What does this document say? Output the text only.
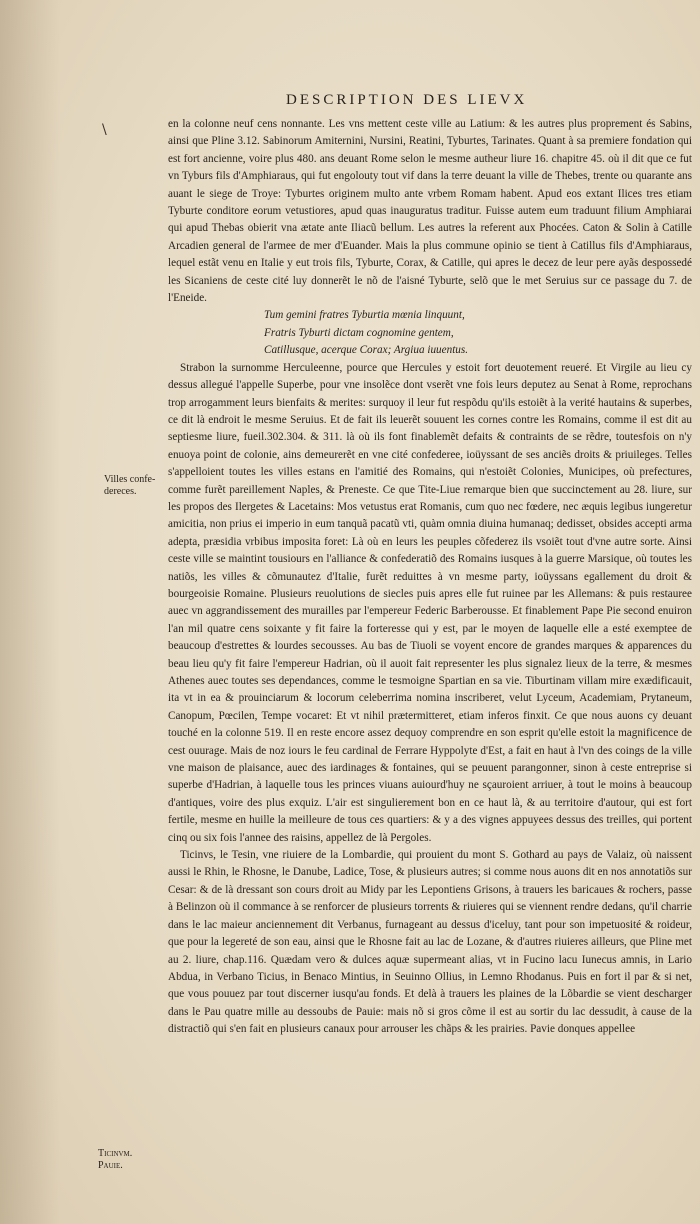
DESCRIPTION DES LIEVX
\
Villes confe-
dereces.
Ticinvm.
Pauie.

en la colonne neuf cens nonnante. Les vns mettent ceste ville au Latium: & les autres plus proprement és Sabins, ainsi que Pline 3.12. Sabinorum Amiternini, Nursini, Reatini, Tyburtes, Tarinates. Quant à sa premiere fondation qui est fort ancienne, voire plus 480. ans deuant Rome selon le mesme autheur liure 16. chapitre 45. où il dit que ce fut vn Tyburs fils d'Amphiaraus, qui fut engolouty tout vif dans la terre deuant la ville de Thebes, trente ou quarante ans auant le siege de Troye: Tyburtes originem multo ante vrbem Romam habent. Apud eos extant Ilices tres etiam Tyburte conditore eorum vetustiores, apud quas inauguratus traditur. Fuisse autem eum traduunt filium Amphiarai qui apud Thebas obierit vna ætate ante Iliacũ bellum. Les autres la referent aux Phocées. Caton & Solin à Catille Arcadien general de l'armee de mer d'Euander. Mais la plus commune opinio se tient à Catillus fils d'Amphiaraus, lequel estãt venu en Italie y eut trois fils, Tyburte, Corax, & Catille, qui apres le decez de leur pere ayãs despossedé les Sicaniens de ceste cité luy donnerẽt le nõ de l'aisné Tyburte, selõ que le met Seruius sur ce passage du 7. de l'Eneide.

Tum gemini fratres Tyburtia mœnia linquunt,
Fratris Tyburti dictam cognomine gentem,
Catillusque, acerque Corax; Argiua iuuentus.

Strabon la surnomme Herculeenne, pource que Hercules y estoit fort deuotement reueré. Et Virgile au lieu cy dessus allegué l'appelle Superbe, pour vne insolẽce dont vserẽt vne fois leurs deputez au Senat à Rome, reprochans trop arrogamment leurs bienfaits & merites: surquoy il leur fut respõdu qu'ils estoiẽt à la verité hautains & superbes, ce dit là endroit le mesme Seruius. Et de fait ils leuerẽt souuent les cornes contre les Romains, comme il est dit au septiesme liure, fueil.302.304. & 311. là où ils font finablemẽt defaits & contraints de se rẽdre, toutesfois on n'y enuoya point de colonie, ains demeurerẽt en vne cité confederee, ioüyssant de ses anciẽs droits & priuileges. Telles s'appelloient toutes les villes estans en l'amitié des Romains, qui n'estoiẽt Colonies, Municipes, où prefectures, comme furẽt pareillement Naples, & Preneste. Ce que Tite-Liue remarque bien que succinctement au 28. liure, sur les propos des Ilergetes & Lacetains: Mos vetustus erat Romanis, cum quo nec fœdere, nec æquis legibus iungeretur amicitia, non prius ei imperio in eum tanquã pacatũ vti, quàm omnia diuina humanaq; dedisset, obsides accepti arma adepta, præsidia vrbibus imposita foret: Là où en leurs les peuples cõfederez ils vsoiẽt tout d'vne autre sorte. Ainsi ceste ville se maintint tousiours en l'alliance & confederatiõ des Romains iusques à la guerre Marsique, où toutes les natiõs, les villes & cõmunautez d'Italie, furẽt reduittes à vn mesme party, ioüyssans egallement du droit & bourgeoisie Romaine. Plusieurs reuolutions de siecles puis apres elle fut ruinee par les Allemans: & puis restauree auec vn aggrandissement des murailles par l'empereur Federic Barberousse. Et finablement Pape Pie second enuiron l'an mil quatre cens soixante y fit faire la forteresse qui y est, par le moyen de laquelle elle a esté exemptee de beaucoup d'estrettes & lourdes secousses. Au bas de Tiuoli se voyent encore de grandes marques & apparences du beau lieu qu'y fit faire l'empereur Hadrian, où il auoit fait representer les plus signalez lieux de la terre, & mesmes Athenes auec toutes ses dependances, comme le tesmoigne Spartian en sa vie. Tiburtinam villam mire exædificauit, ita vt in ea & prouinciarum & locorum celeberrima nomina inscriberet, velut Lyceum, Academiam, Prytaneum, Canopum, Pœcilen, Tempe vocaret: Et vt nihil prætermitteret, etiam inferos finxit. Ce que nous auons cy deuant touché en la colonne 519. Il en reste encore assez dequoy comprendre en son esprit qu'elle estoit la magnificence de cest ouurage. Mais de noz iours le feu cardinal de Ferrare Hyppolyte d'Est, a fait en haut à l'vn des coings de la ville vne maison de plaisance, auec des iardinages & fontaines, qui se peuuent parangonner, sinon à ceste entreprise si superbe d'Hadrian, à laquelle tous les princes viuans auiourd'huy ne sçauroient arriuer, à tout le moins à beaucoup d'antiques, voire des plus exquiz. L'air est singulierement bon en ce haut là, & au territoire d'autour, qui est fort fertile, mesme en huille la meilleure de tous ces quartiers: & y a des vignes appuyees dessus des treilles, qui portent cinq ou six fois l'annee des raisins, appellez de là Pergoles.

Ticinvs, le Tesin, vne riuiere de la Lombardie, qui prouient du mont S. Gothard au pays de Valaiz, où naissent aussi le Rhin, le Rhosne, le Danube, Ladice, Tose, & plusieurs autres; si comme nous auons dit en nos annotatiõs sur Cesar: & de là dressant son cours droit au Midy par les Lepontiens Grisons, à trauers les baricaues & rochers, passe à Belinzon où il commance à se renforcer de plusieurs torrents & riuieres qui se viennent rendre dedans, qu'il charrie dans le lac maieur anciennement dit Verbanus, furnageant au dessus d'iceluy, tant pour son impetuosité & roideur, que pour la legereté de son eau, ainsi que le Rhosne fait au lac de Lozane, & d'autres riuieres ailleurs, que Pline met au 2. liure, chap.116. Quædam vero & dulces aquæ supermeant alias, vt in Fucino lacu Iunecus amnis, in Lario Abdua, in Verbano Ticius, in Benaco Mintius, in Seuinno Ollius, in Lemno Rhodanus. Puis en fort il par & si net, que vous pouuez par tout discerner iusqu'au fonds. Et delà à trauers les plaines de la Lõbardie se vient descharger dans le Pau quatre mille au dessoubs de Pauie: mais nõ si gros cõme il est au sortir du lac dessudit, à cause de la distractiõ qui s'en fait en plusieurs canaux pour arrouser les chãps & les prairies. Pavie donques appellee
